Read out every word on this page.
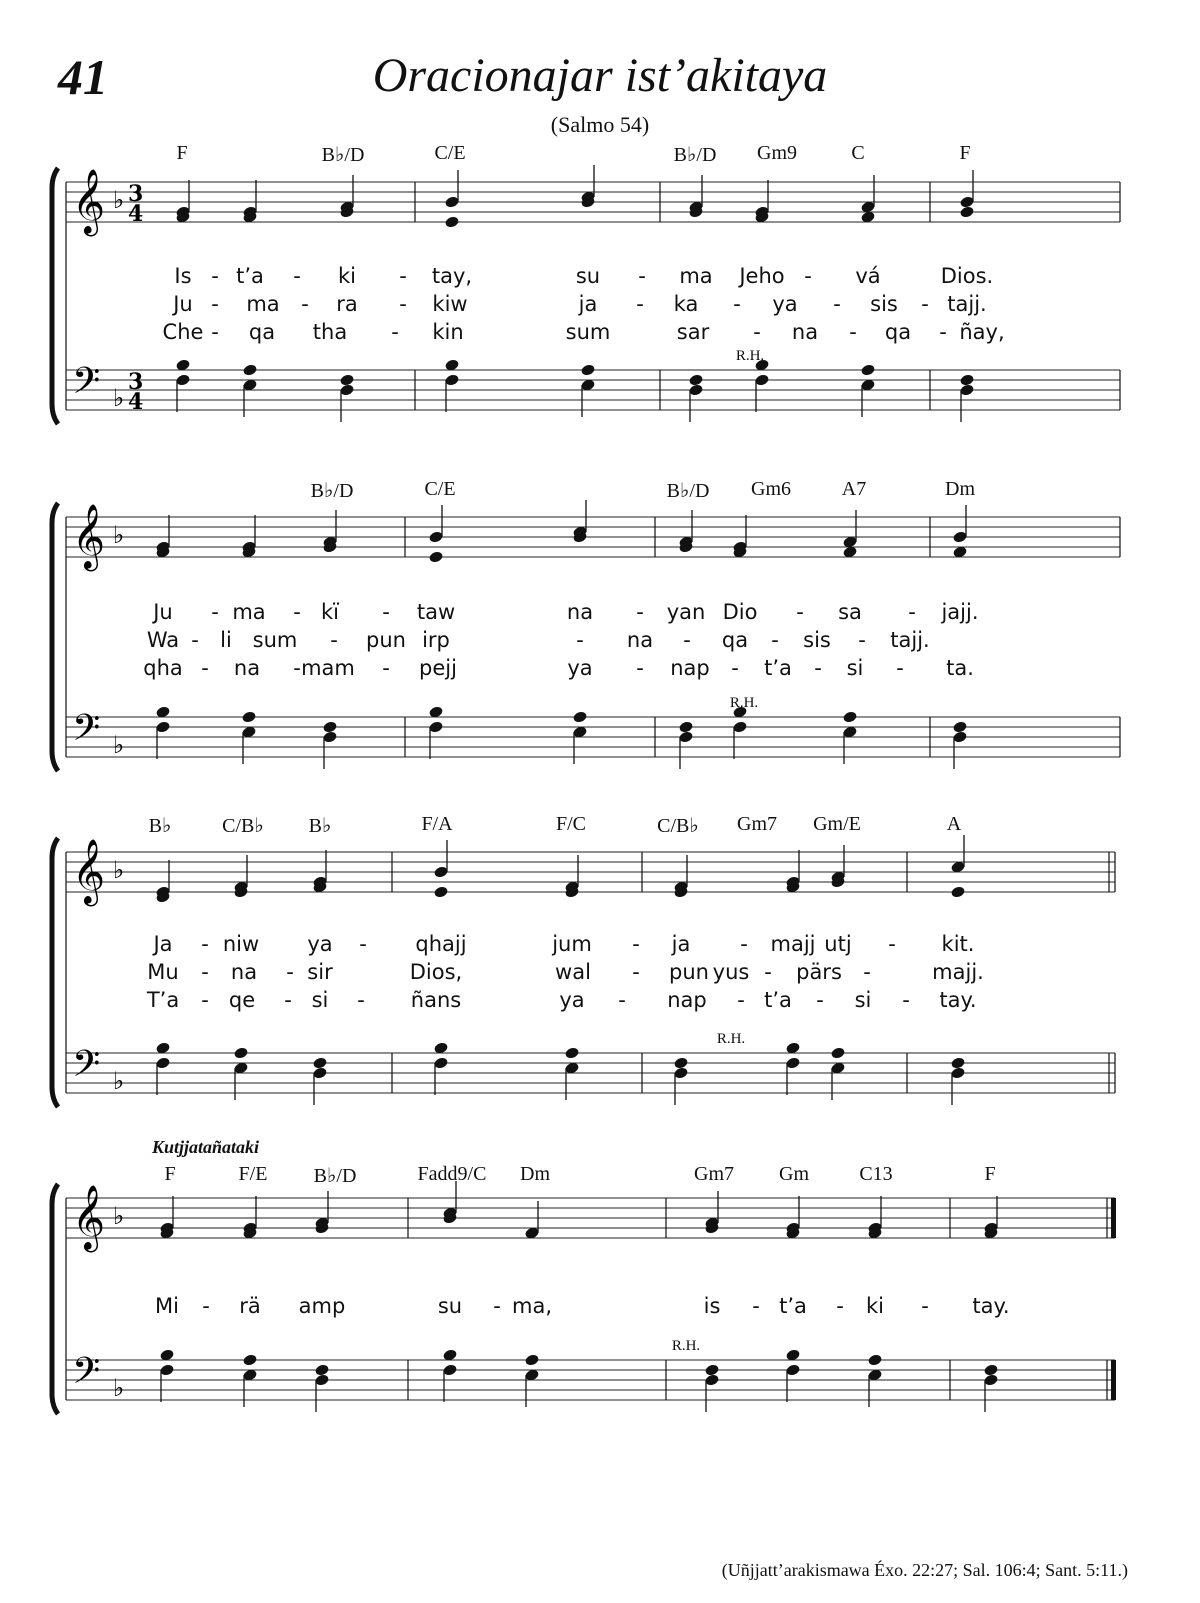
41	Oracionajar ist’akitaya
(Salmo 54)
𝄞
𝄢
♭
♭
3
4
3
4
𝄞
𝄢
♭
♭
𝄞
𝄢
♭
♭
𝄞
𝄢
♭
♭
Kutjjatañataki
(Uñjjatt’arakismawa Éxo. 22:27; Sal. 106:4; Sant. 5:11.)
F	B♭/D	C/E	B♭/D Gm9	C	F
Is - t’a - ki - tay,	su - ma Jeho - vá	Dios.
Ju - ma - ra - kiw	ja - ka - ya - sis - tajj.
Che - qa tha - kin	sum	sar - na - qa - ñay,
R.H.
B♭/D	C/E	B♭/D Gm6	A7	Dm
Ju - ma - kï - taw	na - yan Dio - sa - jajj.
Wa - li sum - pun irp	- na - qa - sis - tajj.
qha - na - mam - pejj	ya - nap - t’a - si - ta.
R.H.
B♭	C/B♭ B♭	F/A	F/C	C/B♭ Gm7 Gm/E	A
Ja - niw ya - qhajj	jum - ja - majj utj - kit.
Mu - na - sir	Dios,	wal - pun yus - pärs -	majj.
T’a - qe - si - ñans	ya - nap - t’a - si - tay.
R.H.
F	F/E B♭/D	Fadd9/C Dm	Gm7 Gm	C13	F
Mi - rä amp	su - ma,	is - t’a - ki - tay.
R.H.
